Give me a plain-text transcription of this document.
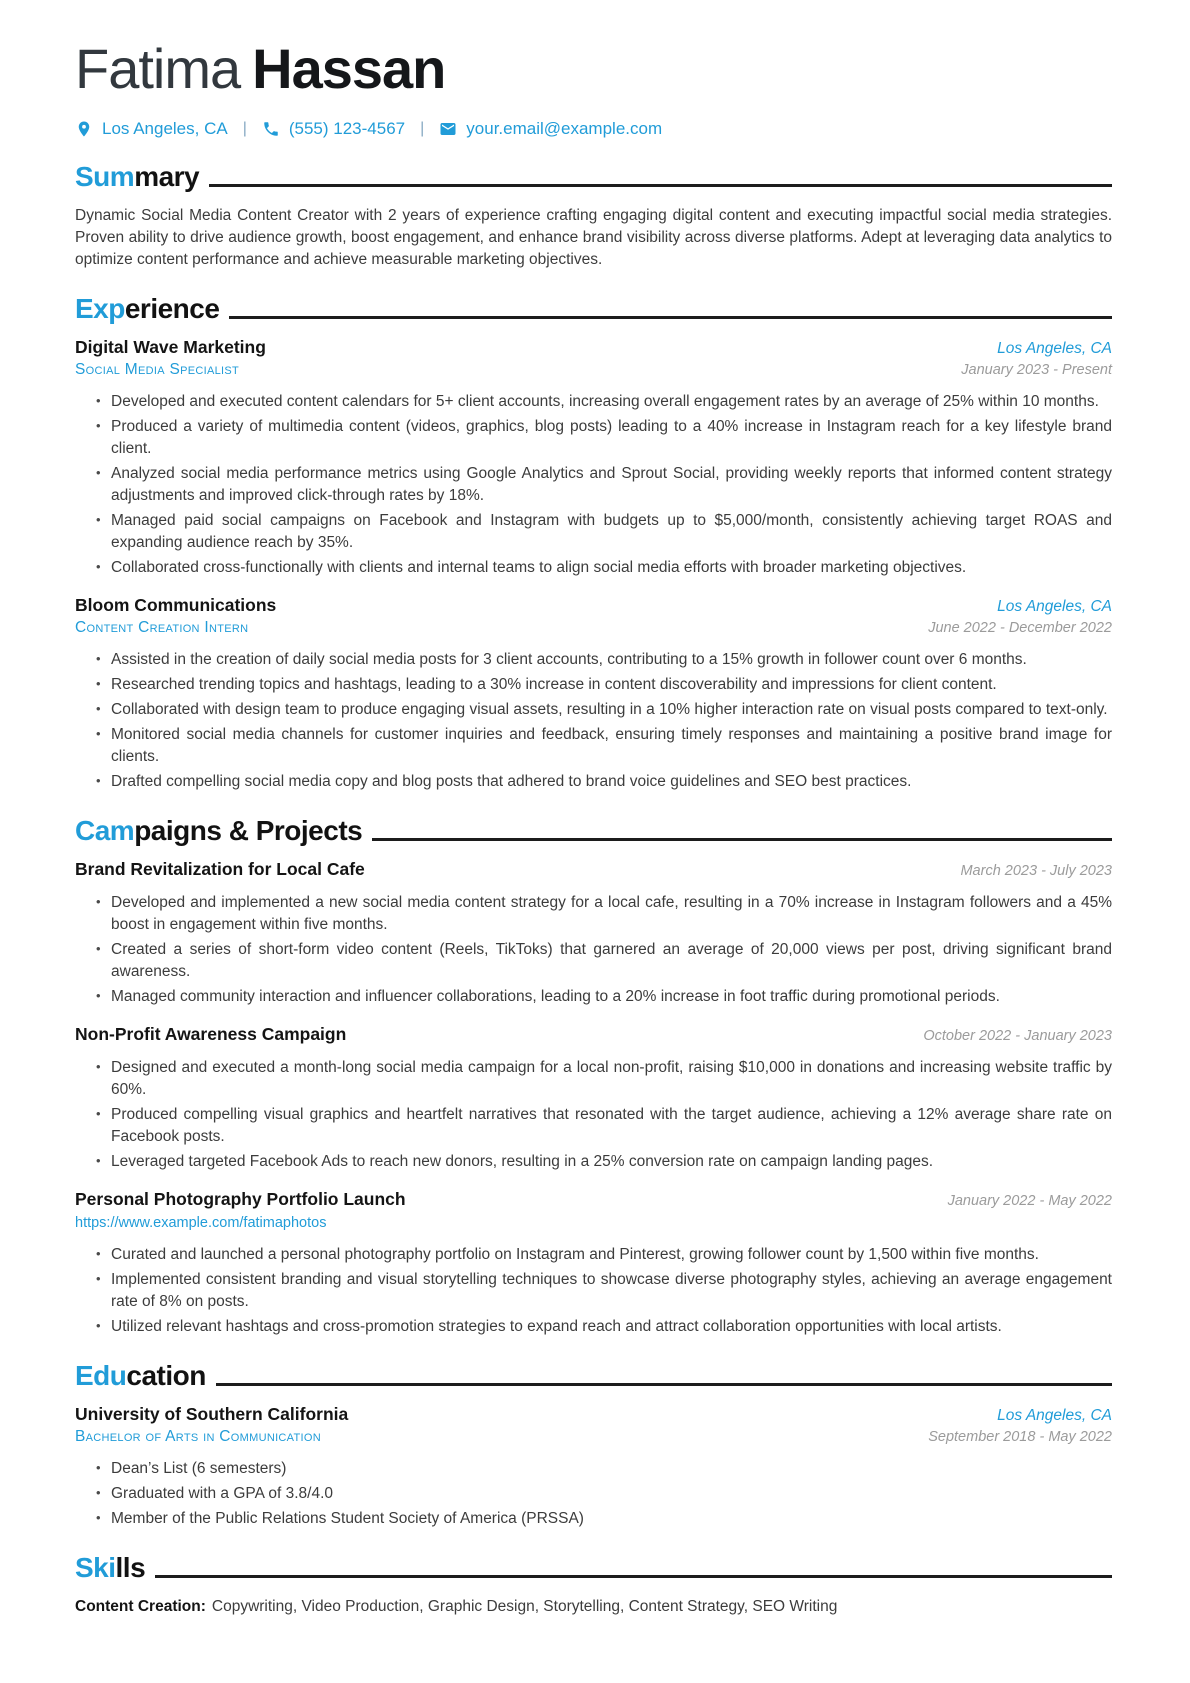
Fatima Hassan
Los Angeles, CA | (555) 123-4567 | your.email@example.com
Summary

Dynamic Social Media Content Creator with 2 years of experience crafting engaging digital content and executing impactful social media strategies. Proven ability to drive audience growth, boost engagement, and enhance brand visibility across diverse platforms. Adept at leveraging data analytics to optimize content performance and achieve measurable marketing objectives.

Experience
Digital Wave Marketing	Los Angeles, CA
Social Media Specialist	January 2023 - Present
• Developed and executed content calendars for 5+ client accounts, increasing overall engagement rates by an average of 25% within 10 months.
• Produced a variety of multimedia content (videos, graphics, blog posts) leading to a 40% increase in Instagram reach for a key lifestyle brand client.
• Analyzed social media performance metrics using Google Analytics and Sprout Social, providing weekly reports that informed content strategy adjustments and improved click-through rates by 18%.
• Managed paid social campaigns on Facebook and Instagram with budgets up to $5,000/month, consistently achieving target ROAS and expanding audience reach by 35%.
• Collaborated cross-functionally with clients and internal teams to align social media efforts with broader marketing objectives.
Bloom Communications	Los Angeles, CA
Content Creation Intern	June 2022 - December 2022
• Assisted in the creation of daily social media posts for 3 client accounts, contributing to a 15% growth in follower count over 6 months.
• Researched trending topics and hashtags, leading to a 30% increase in content discoverability and impressions for client content.
• Collaborated with design team to produce engaging visual assets, resulting in a 10% higher interaction rate on visual posts compared to text-only.
• Monitored social media channels for customer inquiries and feedback, ensuring timely responses and maintaining a positive brand image for clients.
• Drafted compelling social media copy and blog posts that adhered to brand voice guidelines and SEO best practices.
Campaigns & Projects
Brand Revitalization for Local Cafe	March 2023 - July 2023
• Developed and implemented a new social media content strategy for a local cafe, resulting in a 70% increase in Instagram followers and a 45% boost in engagement within five months.
• Created a series of short-form video content (Reels, TikToks) that garnered an average of 20,000 views per post, driving significant brand awareness.
• Managed community interaction and influencer collaborations, leading to a 20% increase in foot traffic during promotional periods.
Non-Profit Awareness Campaign	October 2022 - January 2023
• Designed and executed a month-long social media campaign for a local non-profit, raising $10,000 in donations and increasing website traffic by 60%.
• Produced compelling visual graphics and heartfelt narratives that resonated with the target audience, achieving a 12% average share rate on Facebook posts.
• Leveraged targeted Facebook Ads to reach new donors, resulting in a 25% conversion rate on campaign landing pages.
Personal Photography Portfolio Launch	January 2022 - May 2022
https://www.example.com/fatimaphotos
• Curated and launched a personal photography portfolio on Instagram and Pinterest, growing follower count by 1,500 within five months.
• Implemented consistent branding and visual storytelling techniques to showcase diverse photography styles, achieving an average engagement rate of 8% on posts.
• Utilized relevant hashtags and cross-promotion strategies to expand reach and attract collaboration opportunities with local artists.
Education
University of Southern California	Los Angeles, CA
Bachelor of Arts in Communication	September 2018 - May 2022
• Dean’s List (6 semesters)
• Graduated with a GPA of 3.8/4.0
• Member of the Public Relations Student Society of America (PRSSA)
Skills
Content Creation: Copywriting, Video Production, Graphic Design, Storytelling, Content Strategy, SEO Writing
